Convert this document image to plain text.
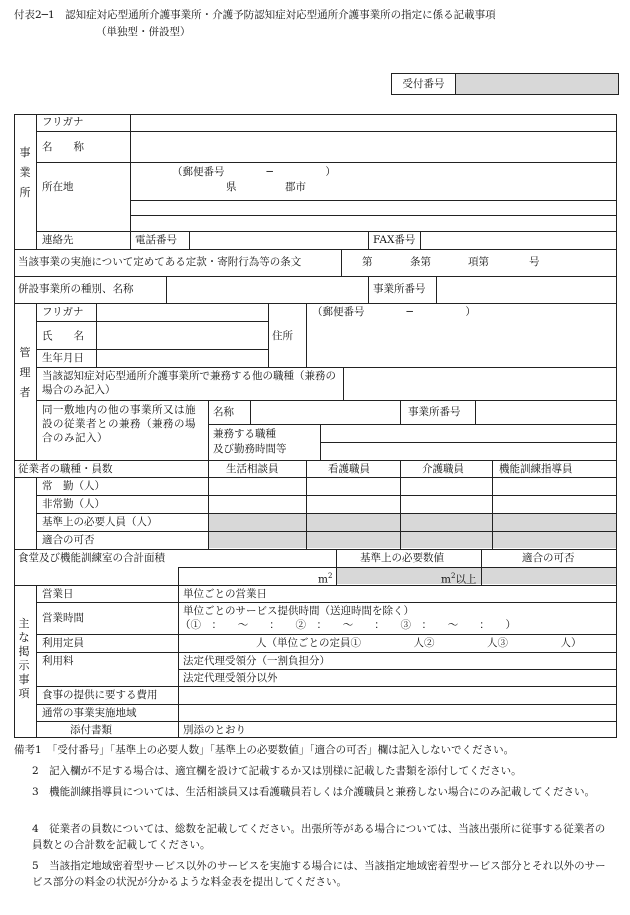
付表2─1　認知症対応型通所介護事業所・介護予防認知症対応型通所介護事業所の指定に係る記載事項
（単独型・併設型）
受付番号
事業所
フリガナ
名　　称
所在地
（郵便番号　　　　─　　　　　）
県	郡市
連絡先	電話番号	FAX番号
当該事業の実施について定めてある定款・寄附行為等の条文	第	条第	項第	号
併設事業所の種別、名称	事業所番号
管理者
フリガナ
氏　　名
生年月日
住所
（郵便番号　　　　─　　　　　）
当該認知症対応型通所介護事業所で兼務する他の職種（兼務の場合のみ記入）
同一敷地内の他の事業所又は施設の従業者との兼務（兼務の場合のみ記入）
名称	事業所番号
兼務する職種
及び勤務時間等
従業者の職種・員数	生活相談員	看護職員	介護職員	機能訓練指導員
常　勤（人）
非常勤（人）
基準上の必要人員（人）
適合の可否
食堂及び機能訓練室の合計面積	基準上の必要数値	適合の可否
$m^2$	$m^2$以上
主な掲示事項
営業日	単位ごとの営業日
営業時間
単位ごとのサービス提供時間（送迎時間を除く）
（①　：　　〜　　：　　②　：　　〜　　：　　③　：　　〜　　：　　）
利用定員	人（単位ごとの定員①　　　　　人②　　　　　人③　　　　　人）
利用料	法定代理受領分（一割負担分）
法定代理受領分以外
食事の提供に要する費用
通常の事業実施地域
添付書類	別添のとおり
備考1　「受付番号」「基準上の必要人数」「基準上の必要数値」「適合の可否」欄は記入しないでください。
2　記入欄が不足する場合は、適宜欄を設けて記載するか又は別様に記載した書類を添付してください。
3　機能訓練指導員については、生活相談員又は看護職員若しくは介護職員と兼務しない場合にのみ記載してください。
4　従業者の員数については、総数を記載してください。出張所等がある場合については、当該出張所に従事する従業者の員数との合計数を記載してください。
5　当該指定地域密着型サービス以外のサービスを実施する場合には、当該指定地域密着型サービス部分とそれ以外のサービス部分の料金の状況が分かるような料金表を提出してください。
